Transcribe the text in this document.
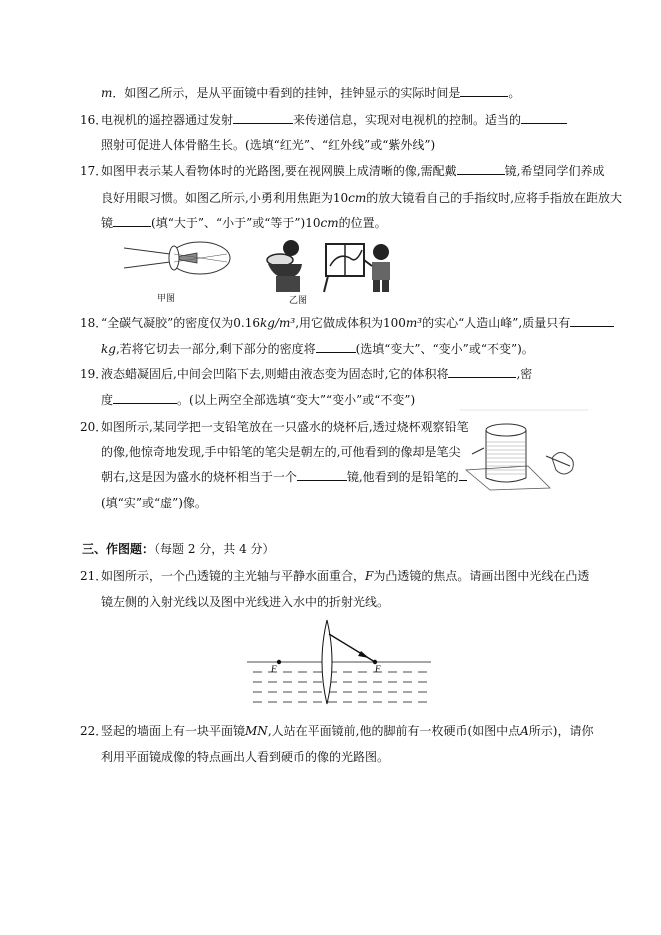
m．如图乙所示，是从平面镜中看到的挂钟，挂钟显示的实际时间是	。
16．
电视机的遥控器通过发射	来传递信息，实现对电视机的控制。适当的
照射可促进人体骨骼生长。(选填“红光”、“红外线”或“紫外线”)
17．
如图甲表示某人看物体时的光路图,要在视网膜上成清晰的像,需配戴	镜,希望同学们养成
良好用眼习惯。如图乙所示,小勇利用焦距为10cm的放大镜看自己的手指纹时,应将手指放在距放大
镜	(填“大于”、“小于”或“等于”)10cm的位置。
甲图	乙图
18．
“全碳气凝胶”的密度仅为0.16kg/m³,用它做成体积为100m³的实心“人造山峰”,质量只有
kg,若将它切去一部分,剩下部分的密度将	(选填“变大”、“变小”或“不变”)。
19．
液态蜡凝固后,中间会凹陷下去,则蜡由液态变为固态时,它的体积将	,密
度	。(以上两空全部选填“变大”“变小”或“不变”)
20．
如图所示,某同学把一支铅笔放在一只盛水的烧杯后,透过烧杯观察铅笔
的像,他惊奇地发现,手中铅笔的笔尖是朝左的,可他看到的像却是笔尖
朝右,这是因为盛水的烧杯相当于一个	镜,他看到的是铅笔的
(填“实”或“虚”)像。
三、作图题：（每题 2 分，共 4 分）
21．
如图所示，一个凸透镜的主光轴与平静水面重合，F为凸透镜的焦点。请画出图中光线在凸透
镜左侧的入射光线以及图中光线进入水中的折射光线。
F	F
22．
竖起的墙面上有一块平面镜MN,人站在平面镜前,他的脚前有一枚硬币(如图中点A所示)，请你
利用平面镜成像的特点画出人看到硬币的像的光路图。
